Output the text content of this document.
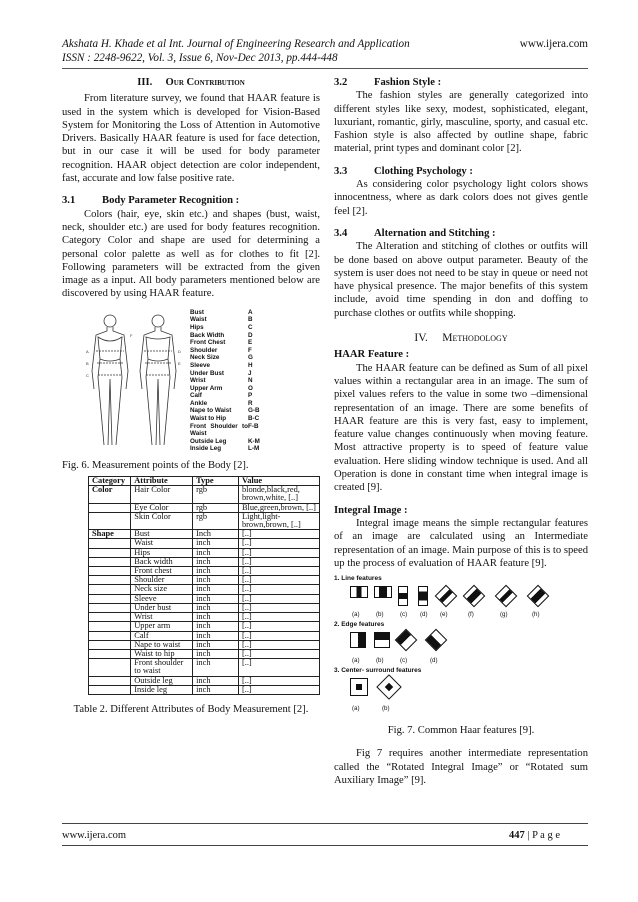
Akshata H. Khade et al Int. Journal of Engineering Research and Application
ISSN : 2248-9622, Vol. 3, Issue 6, Nov-Dec 2013, pp.444-448
www.ijera.com
III. Our Contribution

From literature survey, we found that HAAR feature is used in the system which is developed for Vision-Based System for Monitoring the Loss of Attention in Automotive Drivers. Basically HAAR feature is used for face detection, but in our case it will be used for body parameter recognition. HAAR object detection are color independent, fast, accurate and low false positive rate.

3.1	Body Parameter Recognition :

Colors (hair, eye, skin etc.) and shapes (bust, waist, neck, shoulder etc.) are used for body features recognition. Category Color and shape are used for determining a personal color palette as well as for clothes to fit [2]. Following parameters will be extracted from the given image as a input. All body parameters mentioned below are discovered by using HAAR feature.

A
B
C
F
D
E
Bust	A
Waist	B
Hips	C
Back Width	D
Front Chest	E
Shoulder	F
Neck Size	G
Sleeve	H
Under Bust	J
Wrist	N
Upper Arm	O
Calf	P
Ankle	R
Nape to Waist	G-B
Waist to Hip	B-C
Front Shoulder to Waist
F-B
Outside Leg	K-M
Inside Leg	L-M

Fig. 6. Measurement points of the Body [2].

Category	Attribute	Type	Value
Color	Hair Color	rgb	blonde,black,red, brown,white, [..]
	Eye Color	rgb	Blue,green,brown, [..]
	Skin Color	rgb	Light,light-brown,brown, [..]
Shape	Bust	Inch	[..]
	Waist	inch	[..]
	Hips	inch	[..]
	Back width	inch	[..]
	Front chest	inch	[..]
	Shoulder	inch	[..]
	Neck size	inch	[..]
	Sleeve	inch	[..]
	Under bust	inch	[..]
	Wrist	inch	[..]
	Upper arm	inch	[..]
	Calf	inch	[..]
	Nape to waist	inch	[..]
	Waist to hip	inch	[..]
	Front shoulder to waist	inch	[..]
	Outside leg	inch	[..]
	Inside leg	inch	[..]

Table 2. Different Attributes of Body Measurement [2].

3.2	Fashion Style :

The fashion styles are generally categorized into different styles like sexy, modest, sophisticated, elegant, luxuriant, romantic, girly, masculine, sporty, and casual etc. Fashion style is also affected by outline shape, fabric material, print types and dominant color [2].

3.3	Clothing Psychology :

As considering color psychology light colors shows innocentness, where as dark colors does not gives gentle feel [2].

3.4	Alternation and Stitching :

The Alteration and stitching of clothes or outfits will be done based on above output parameter. Beauty of the system is user does not need to be stay in queue or need not have physical presence. The major benefits of this system include, avoid time spending in don and doffing to purchase clothes or outfits while shopping.

IV. Methodology
HAAR Feature :

The HAAR feature can be defined as Sum of all pixel values within a rectangular area in an image. The sum of pixel values refers to the value in some two –dimensional representation of an image. There are some benefits of HAAR feature are this is very fast, easy to implement, feature value changes continuously when moving feature. Most attractive property is to speed of feature value evaluation. Here sliding window technique is used. And all Operation is done in constant time when integral image is created [9].

Integral Image :

Integral image means the simple rectangular features of an image are calculated using an Intermediate representation of an image. Main purpose of this is to speed up the process of evaluation of HAAR feature [9].

1. Line features
2. Edge features
3. Center- surround features
(a)	(b)	(c) (d) (e)	(f)	(g)	(h)
(a)	(b)	(c)	(d)
(a)	(b)

Fig. 7. Common Haar features [9].

Fig 7 requires another intermediate representation called the “Rotated Integral Image” or “Rotated sum Auxiliary Image” [9].

www.ijera.com	447 | P a g e
